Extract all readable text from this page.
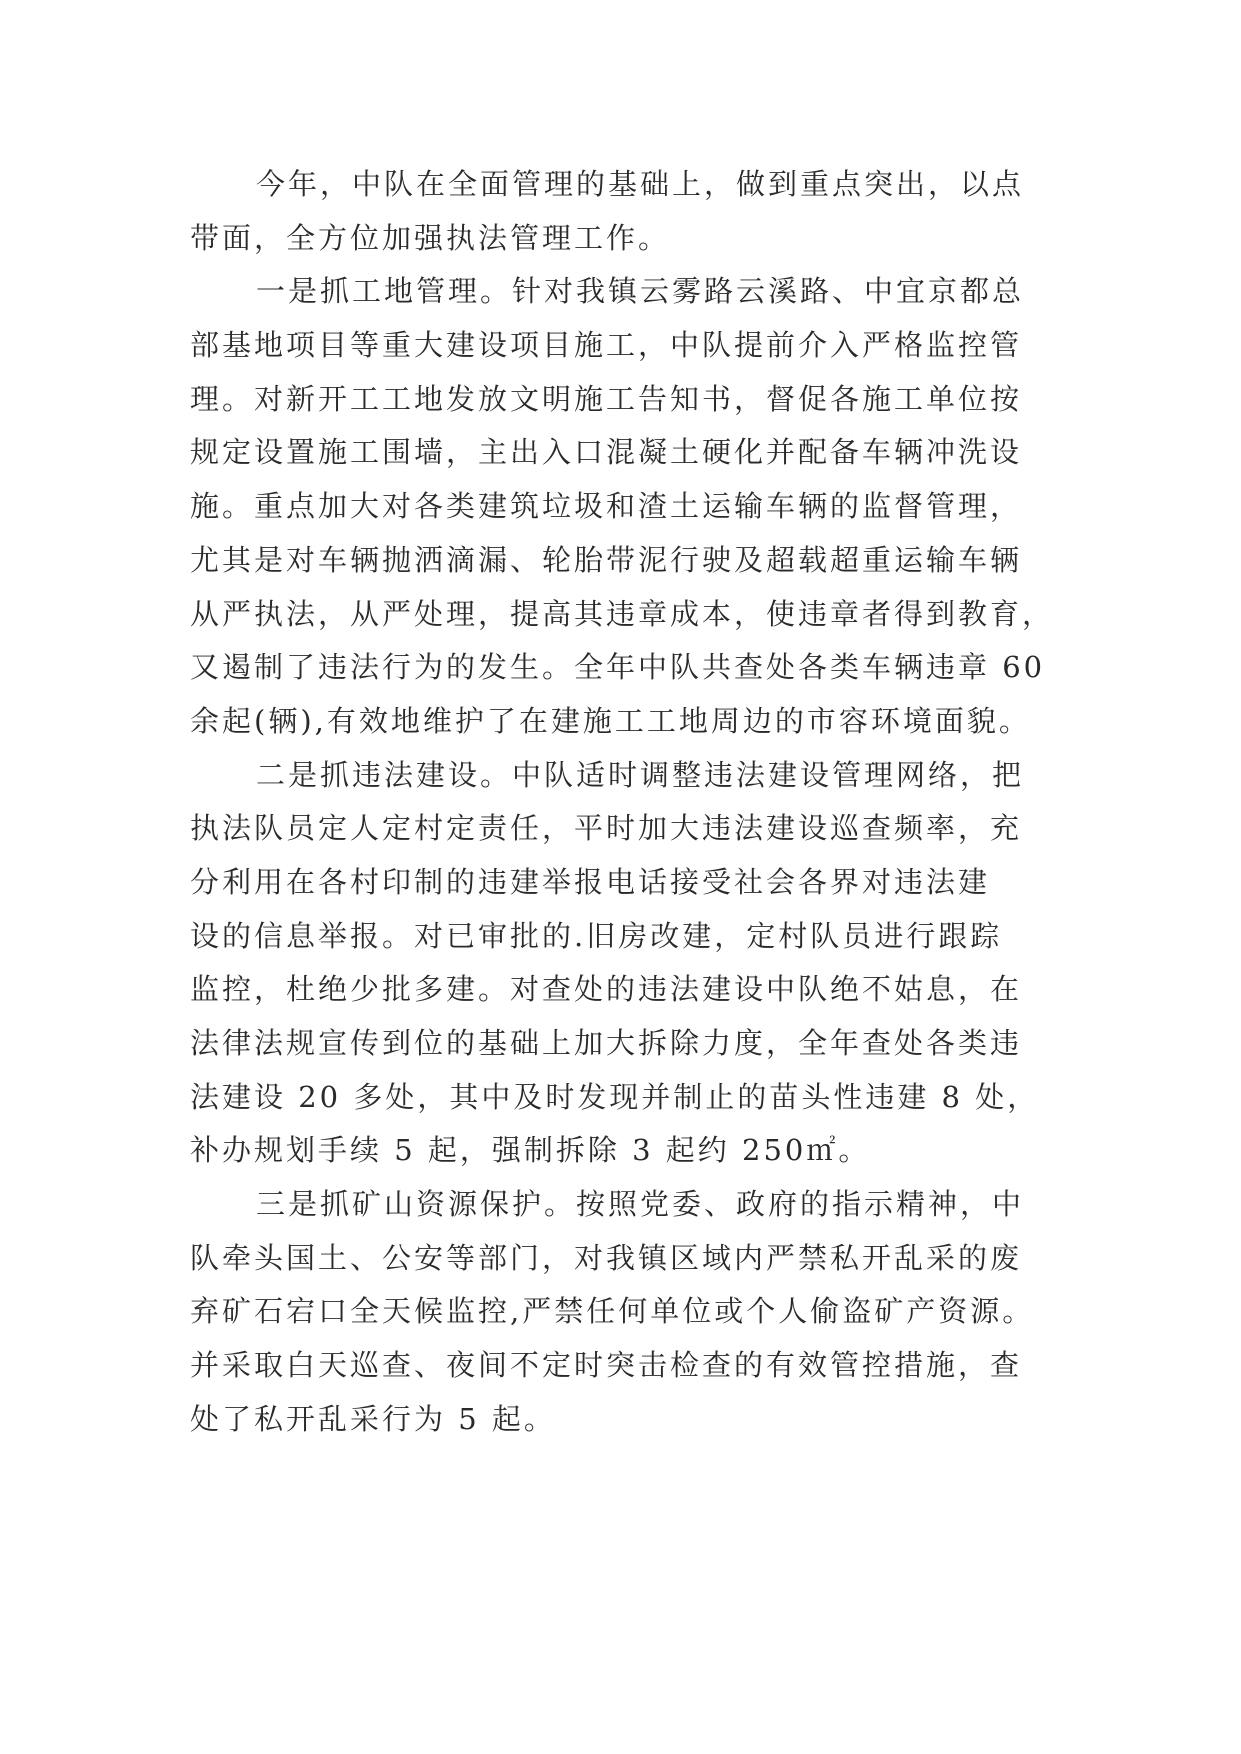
今年，中队在全面管理的基础上，做到重点突出，以点
带面，全方位加强执法管理工作。
一是抓工地管理。针对我镇云雾路云溪路、中宜京都总
部基地项目等重大建设项目施工，中队提前介入严格监控管
理。对新开工工地发放文明施工告知书，督促各施工单位按
规定设置施工围墙，主出入口混凝土硬化并配备车辆冲洗设
施。重点加大对各类建筑垃圾和渣土运输车辆的监督管理，
尤其是对车辆抛洒滴漏、轮胎带泥行驶及超载超重运输车辆
从严执法，从严处理，提高其违章成本，使违章者得到教育，
又遏制了违法行为的发生。全年中队共查处各类车辆违章 60
余起(辆),有效地维护了在建施工工地周边的市容环境面貌。
二是抓违法建设。中队适时调整违法建设管理网络，把
执法队员定人定村定责任，平时加大违法建设巡查频率，充
分利用在各村印制的违建举报电话接受社会各界对违法建
设的信息举报。对已审批的.旧房改建，定村队员进行跟踪
监控，杜绝少批多建。对查处的违法建设中队绝不姑息，在
法律法规宣传到位的基础上加大拆除力度，全年查处各类违
法建设 20 多处，其中及时发现并制止的苗头性违建 8 处，
补办规划手续 5 起，强制拆除 3 起约 250㎡。
三是抓矿山资源保护。按照党委、政府的指示精神，中
队牵头国土、公安等部门，对我镇区域内严禁私开乱采的废
弃矿石宕口全天候监控,严禁任何单位或个人偷盗矿产资源。
并采取白天巡查、夜间不定时突击检查的有效管控措施，查
处了私开乱采行为 5 起。
